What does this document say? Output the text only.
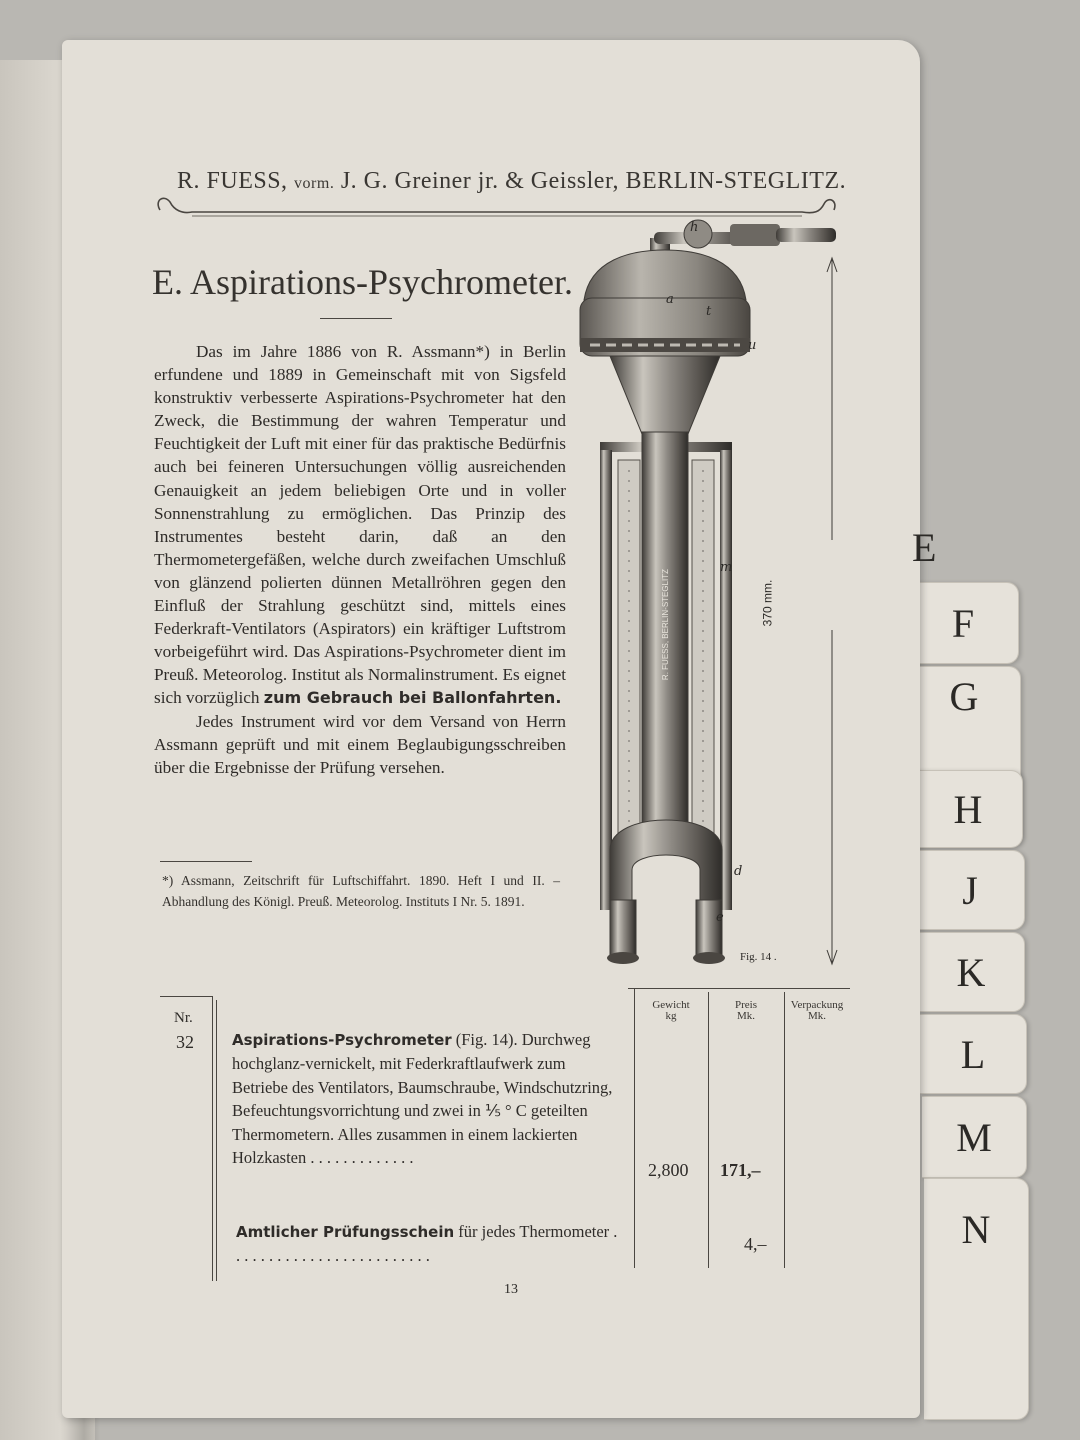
F
G
H
J
K
L
M
N
R. FUESS, vorm. J. G. Greiner jr. & Geissler, BERLIN-STEGLITZ.
E. Aspirations-Psychrometer.

Das im Jahre 1886 von R. Assmann*) in Berlin erfundene und 1889 in Gemeinschaft mit von Sigsfeld konstruktiv verbesserte Aspirations-Psychrometer hat den Zweck, die Bestimmung der wahren Temperatur und Feuchtigkeit der Luft mit einer für das praktische Bedürfnis auch bei feineren Untersuchungen völlig ausreichenden Genauigkeit an jedem beliebigen Orte und in voller Sonnenstrahlung zu ermöglichen. Das Prinzip des Instrumentes besteht darin, daß an den Thermometergefäßen, welche durch zweifachen Umschluß von glänzend polierten dünnen Metallröhren gegen den Einfluß der Strahlung geschützt sind, mittels eines Federkraft-Ventilators (Aspirators) ein kräftiger Luftstrom vorbeigeführt wird. Das Aspirations-Psychrometer dient im Preuß. Meteorolog. Institut als Normalinstrument. Es eignet sich vorzüglich zum Gebrauch bei Ballonfahrten.

Jedes Instrument wird vor dem Versand von Herrn Assmann geprüft und mit einem Beglaubigungsschreiben über die Ergebnisse der Prüfung versehen.

*) Assmann, Zeitschrift für Luftschiffahrt. 1890. Heft I und II. – Abhandlung des Königl. Preuß. Meteorolog. Instituts I Nr. 5. 1891.
370 mm.
R. FUESS, BERLIN-STEGLITZ
h
a
t
u
m
d
e
Fig. 14 .
Nr.
Gewicht kg
Preis Mk.
Verpackung Mk.
32	Aspirations-Psychrometer (Fig. 14). Durchweg hochglanz-vernickelt, mit Federkraftlaufwerk zum Betriebe des Ventilators, Baumschraube, Windschutzring, Befeuchtungsvorrichtung und zwei in ⅕ ° C geteilten Thermometern. Alles zusammen in einem lackierten Holzkasten . . . . . . . . . . . . .
2,800 171,–
Amtlicher Prüfungsschein für jedes Thermometer . . . . . . . . . . . . . . . . . . . . . . . . .
4,–
13
E
